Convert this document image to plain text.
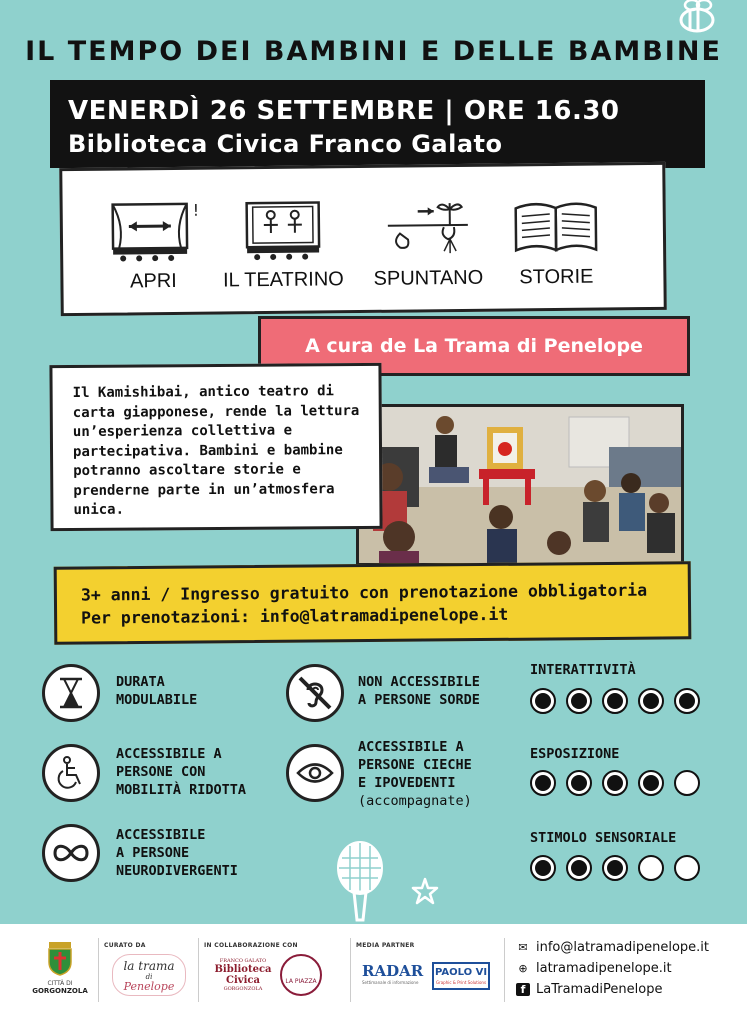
IL TEMPO DEI BAMBINI E DELLE BAMBINE
VENERDÌ 26 SETTEMBRE | ORE 16.30
Biblioteca Civica Franco Galato
!
APRI	IL TEATRINO	SPUNTANO	STORIE
A cura de La Trama di Penelope
Il Kamishibai, antico teatro di
carta giapponese, rende la lettura
un’esperienza collettiva e
partecipativa. Bambini e bambine
potranno ascoltare storie e
prenderne parte in un’atmosfera
unica.
3+ anni / Ingresso gratuito con prenotazione obbligatoria
Per prenotazioni: info@latramadipenelope.it
DURATA
MODULABILE
ACCESSIBILE A
PERSONE CON
MOBILITÀ RIDOTTA
ACCESSIBILE
A PERSONE
NEURODIVERGENTI
NON ACCESSIBILE
A PERSONE SORDE
ACCESSIBILE A
PERSONE CIECHE
E IPOVEDENTI
(accompagnate)
INTERATTIVITÀ
ESPOSIZIONE
STIMOLO SENSORIALE
CITTÀ DI
GORGONZOLA
CURATO DA
la trama
di
Penelope
IN COLLABORAZIONE CON
FRANCO GALATO
Biblioteca
Civica
GORGONZOLA
LA PIAZZA
MEDIA PARTNER
RADAR
Settimanale di informazione
PAOLO VI
Graphic & Print Solutions
✉ info@latramadipenelope.it
⊕ latramadipenelope.it
f LaTramadiPenelope
